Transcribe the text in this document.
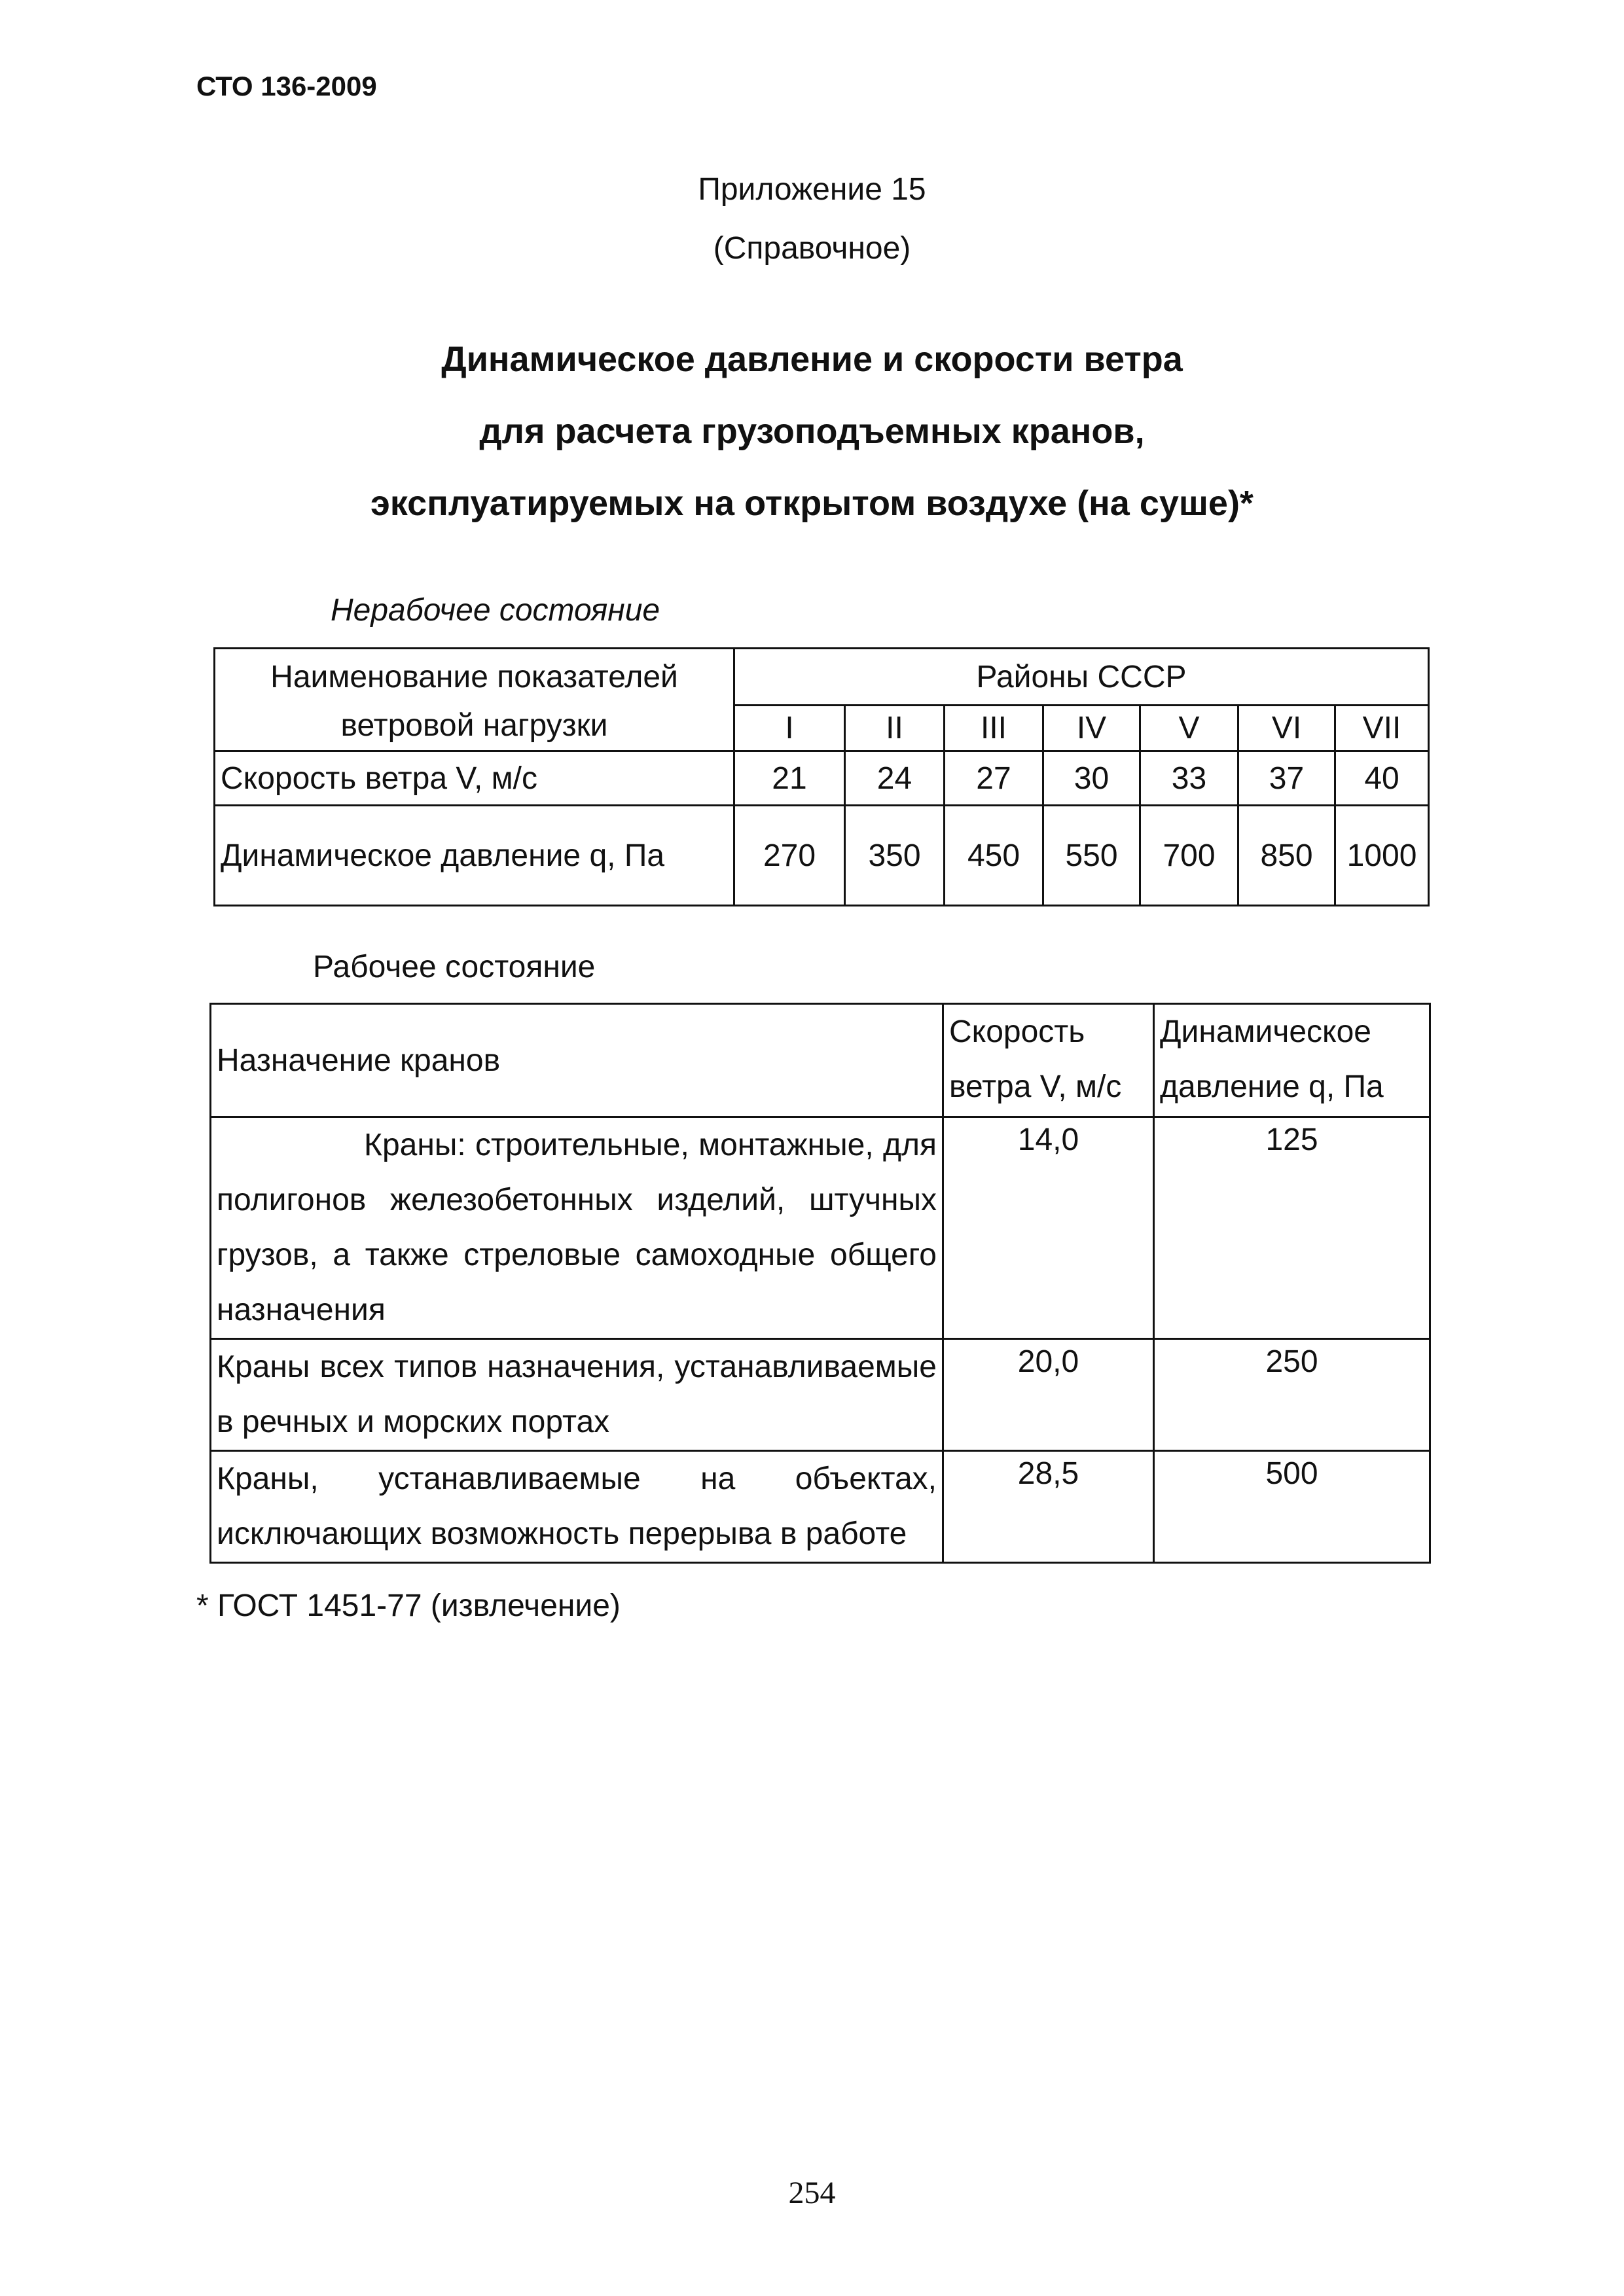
СТО 136-2009
Приложение 15
(Справочное)
Динамическое давление и скорости ветра
для расчета грузоподъемных кранов,
эксплуатируемых на открытом воздухе (на суше)*
Нерабочее состояние
Наименование показателей ветровой нагрузки	Районы СССР						
	I	II	III	IV	V	VI	VII
Скорость ветра V, м/с	21	24	27	30	33	37	40
Динамическое давление q, Па	270	350	450	550	700	850	1000
Рабочее состояние
Назначение кранов	Скорость ветра V, м/с	Динамическое давление q, Па
Краны: строительные, монтажные, для полигонов железобетонных изделий, штучных грузов, а также стреловые самоходные общего назначения	14,0	125
Краны всех типов назначения, устанавливаемые в речных и морских портах	20,0	250
Краны, устанавливаемые на объектах, исключающих возможность перерыва в работе	28,5	500
* ГОСТ 1451-77 (извлечение)
254
